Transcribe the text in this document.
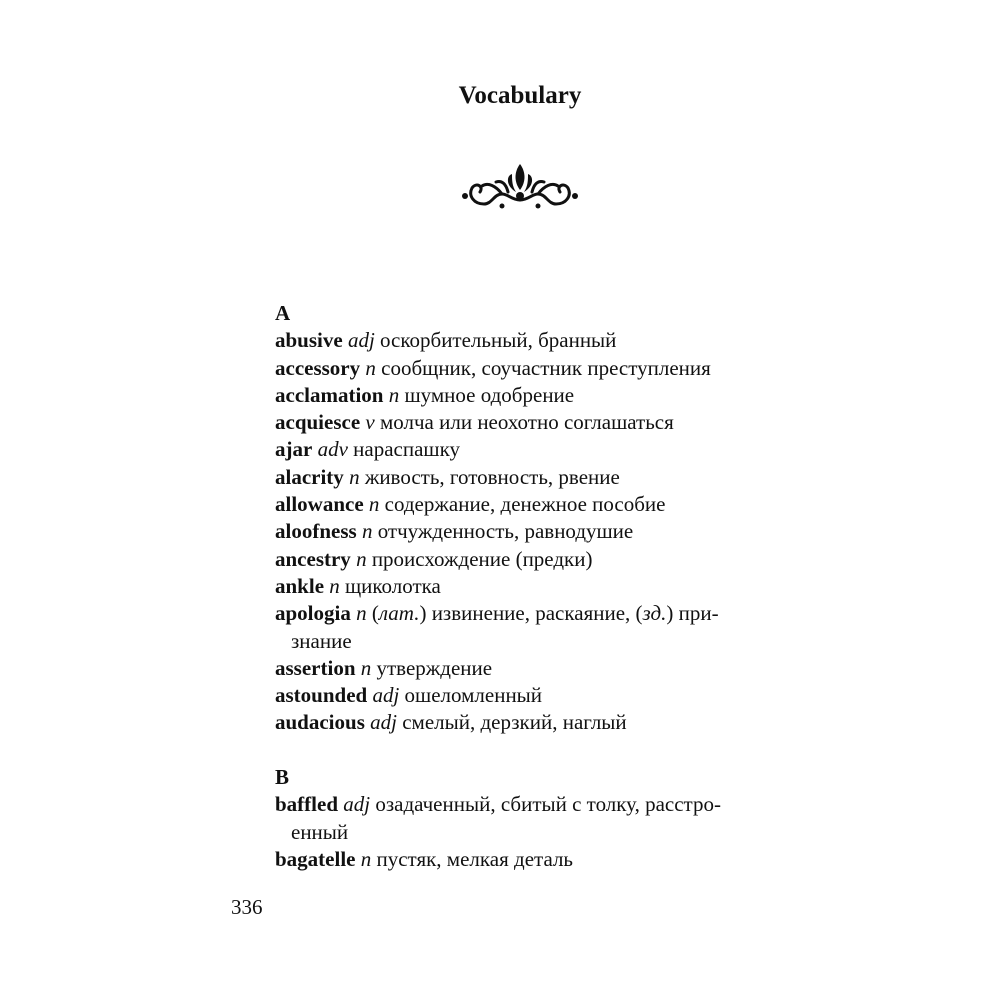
Vocabulary
A
abusive adj оскорбительный, бранный
accessory n сообщник, соучастник преступления
acclamation n шумное одобрение
acquiesce v молча или неохотно соглашаться
ajar adv нараспашку
alacrity n живость, готовность, рвение
allowance n содержание, денежное пособие
aloofness n отчужденность, равнодушие
ancestry n происхождение (предки)
ankle n щиколотка
apologia n (лат.) извинение, раскаяние, (зд.) при-
знание
assertion n утверждение
astounded adj ошеломленный
audacious adj смелый, дерзкий, наглый
B
baffled adj озадаченный, сбитый с толку, расстро-
енный
bagatelle n пустяк, мелкая деталь
336
